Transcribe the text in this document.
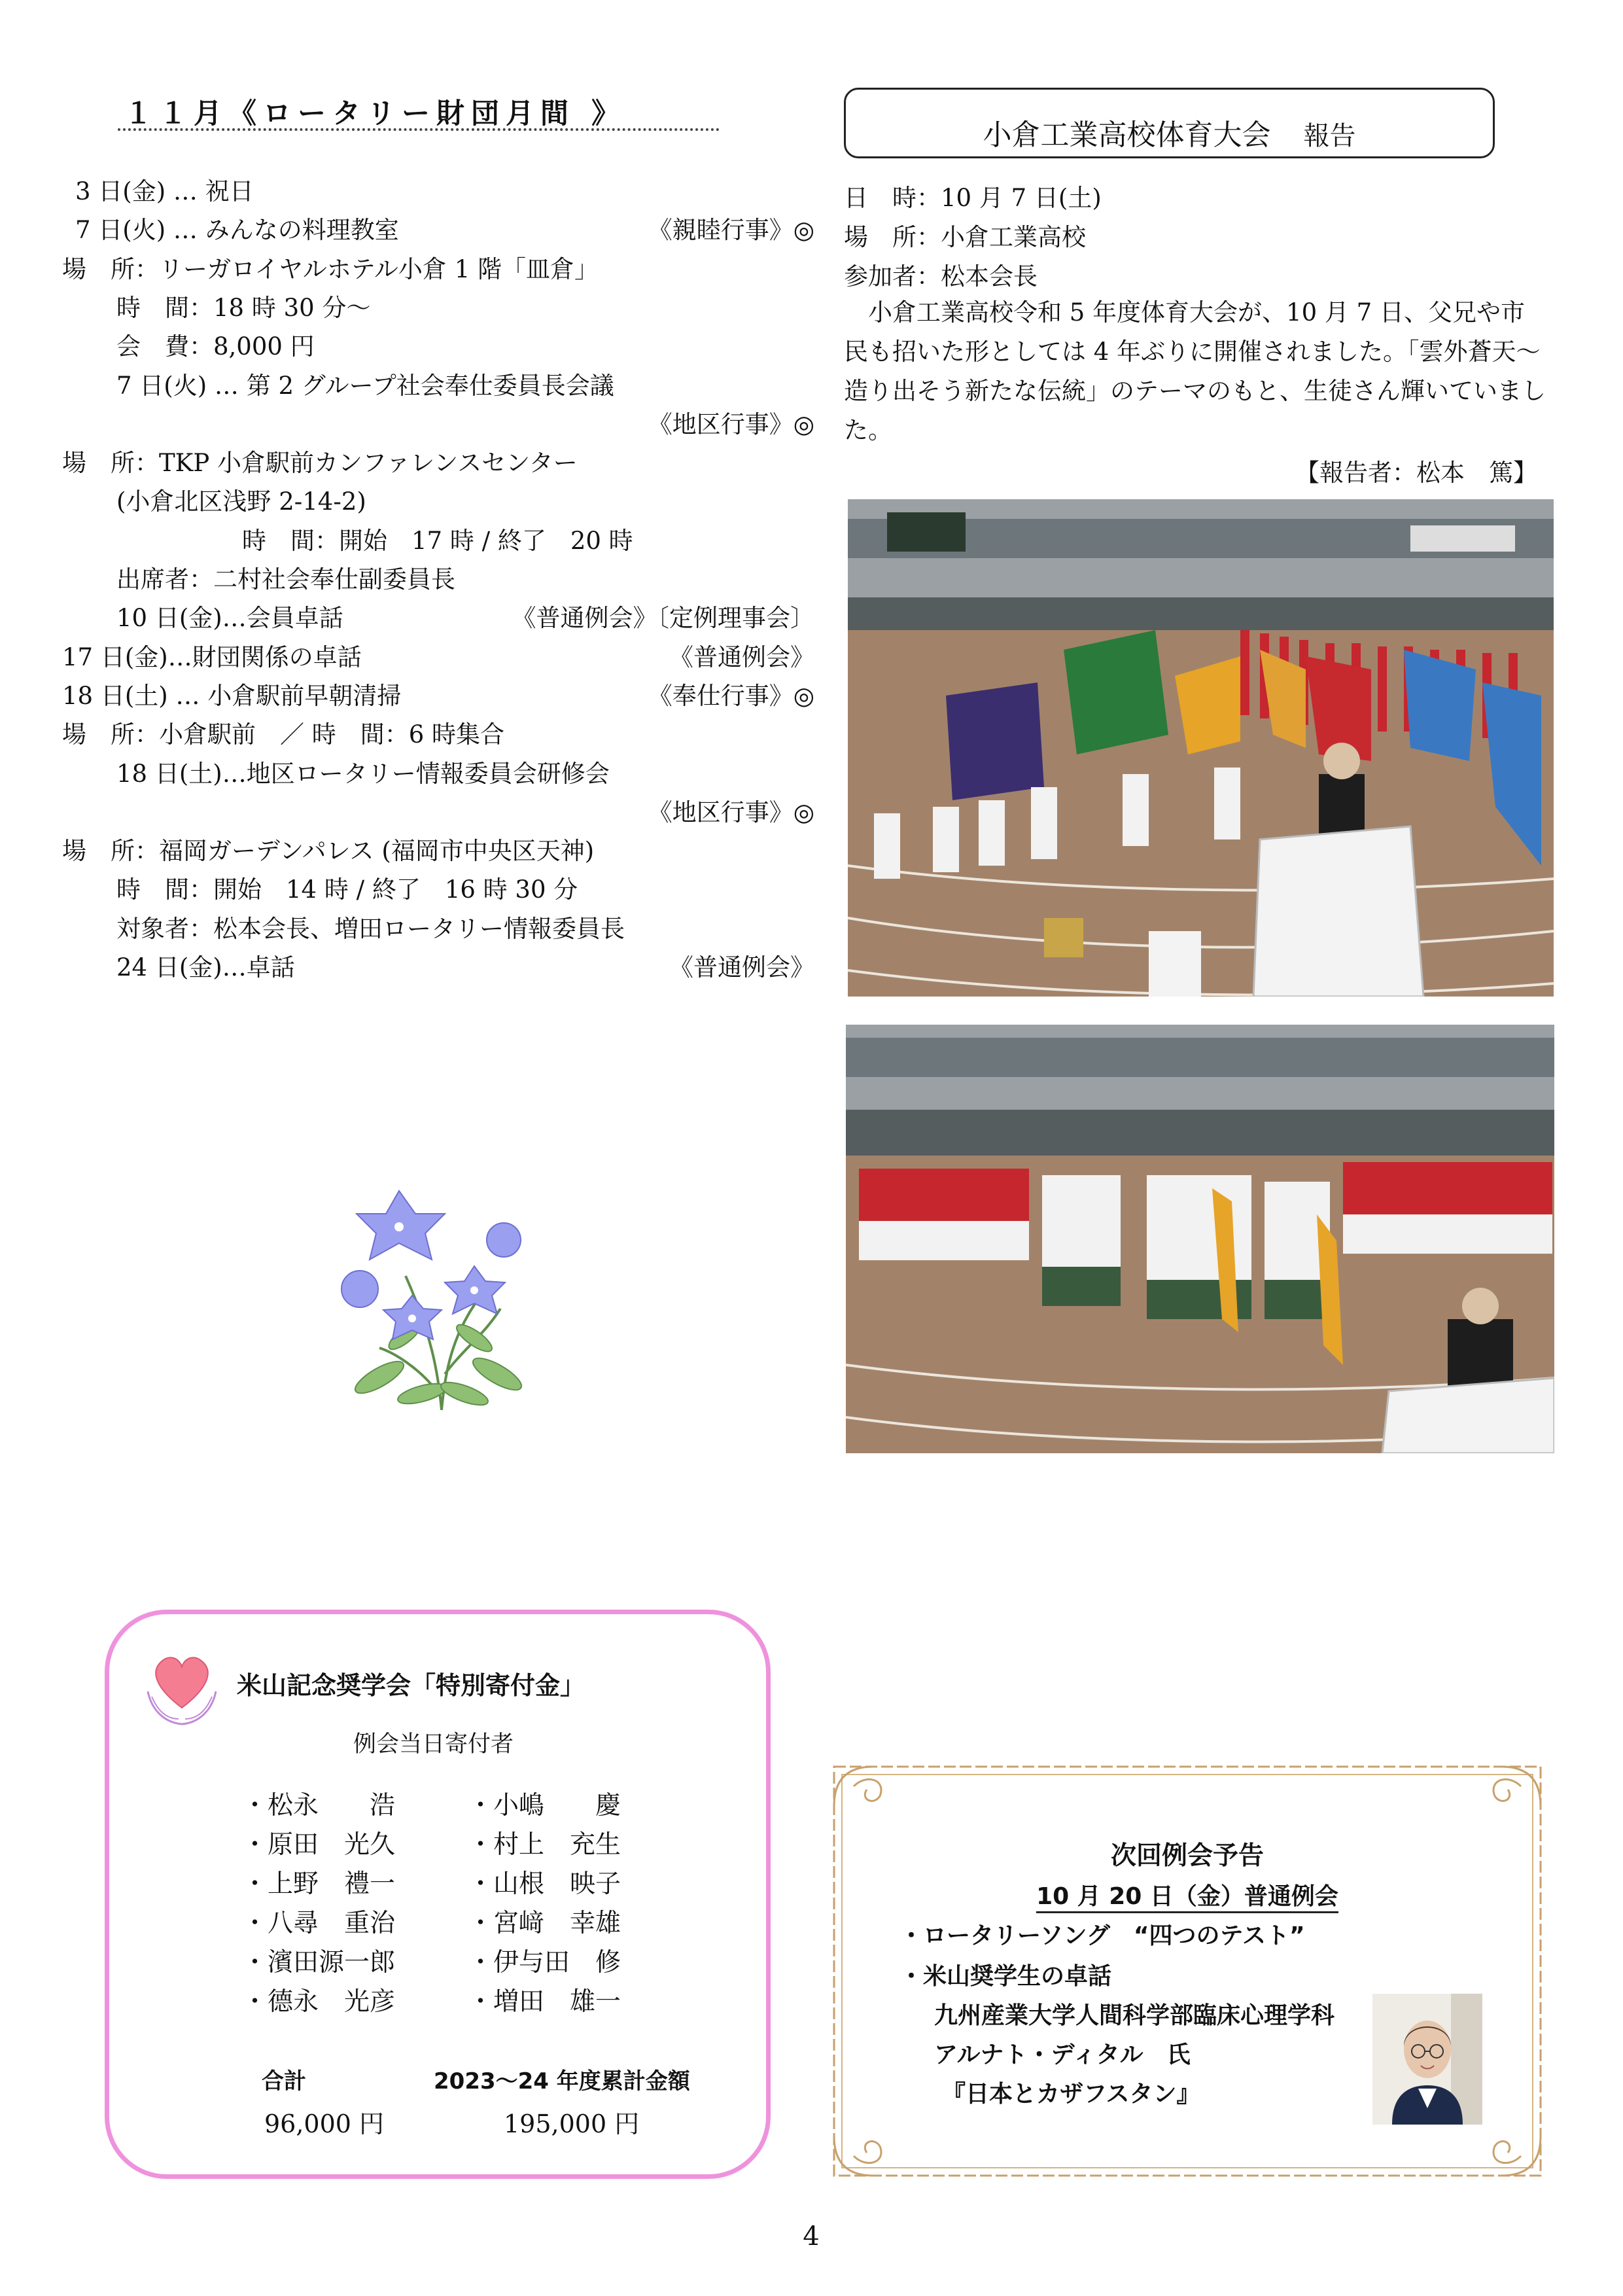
１１月《ロータリー財団月間 》
3 日(金) … 祝日
7 日(火) … みんなの料理教室	《親睦行事》◎
場　所：リーガロイヤルホテル小倉 1 階「皿倉」
時　間：18 時 30 分～
会　費：8,000 円
7 日(火) … 第 2 グループ社会奉仕委員長会議
《地区行事》◎
場　所：TKP 小倉駅前カンファレンスセンター
(小倉北区浅野 2-14-2)
時　間：開始　17 時 / 終了　20 時
出席者：二村社会奉仕副委員長
10 日(金)…会員卓話	《普通例会》〔定例理事会〕
17 日(金)…財団関係の卓話	《普通例会》
18 日(土) … 小倉駅前早朝清掃	《奉仕行事》◎
場　所：小倉駅前　／ 時　間：6 時集合
18 日(土)…地区ロータリー情報委員会研修会
《地区行事》◎
場　所：福岡ガーデンパレス (福岡市中央区天神)
時　間：開始　14 時 / 終了　16 時 30 分
対象者：松本会長、増田ロータリー情報委員長
24 日(金)…卓話	《普通例会》
米山記念奨学会「特別寄付金」
例会当日寄付者
・松永　　浩
・原田　光久
・上野　禮一
・八尋　重治
・濱田源一郎
・德永　光彦
・小嶋　　慶
・村上　充生
・山根　映子
・宮﨑　幸雄
・伊与田　修
・増田　雄一
合計	2023～24 年度累計金額
96,000 円	195,000 円
小倉工業高校体育大会 報告
日　時：10 月 7 日(土)
場　所：小倉工業高校
参加者：松本会長
小倉工業高校令和 5 年度体育大会が、10 月 7 日、父兄や市民も招いた形としては 4 年ぶりに開催されました。「雲外蒼天～造り出そう新たな伝統」のテーマのもと、生徒さん輝いていました。
【報告者：松本　篤】
次回例会予告
10 月 20 日（金）普通例会
・ロータリーソング　“四つのテスト”
・米山奨学生の卓話
九州産業大学人間科学部臨床心理学科
アルナト・ディタル　氏
『日本とカザフスタン』
4
